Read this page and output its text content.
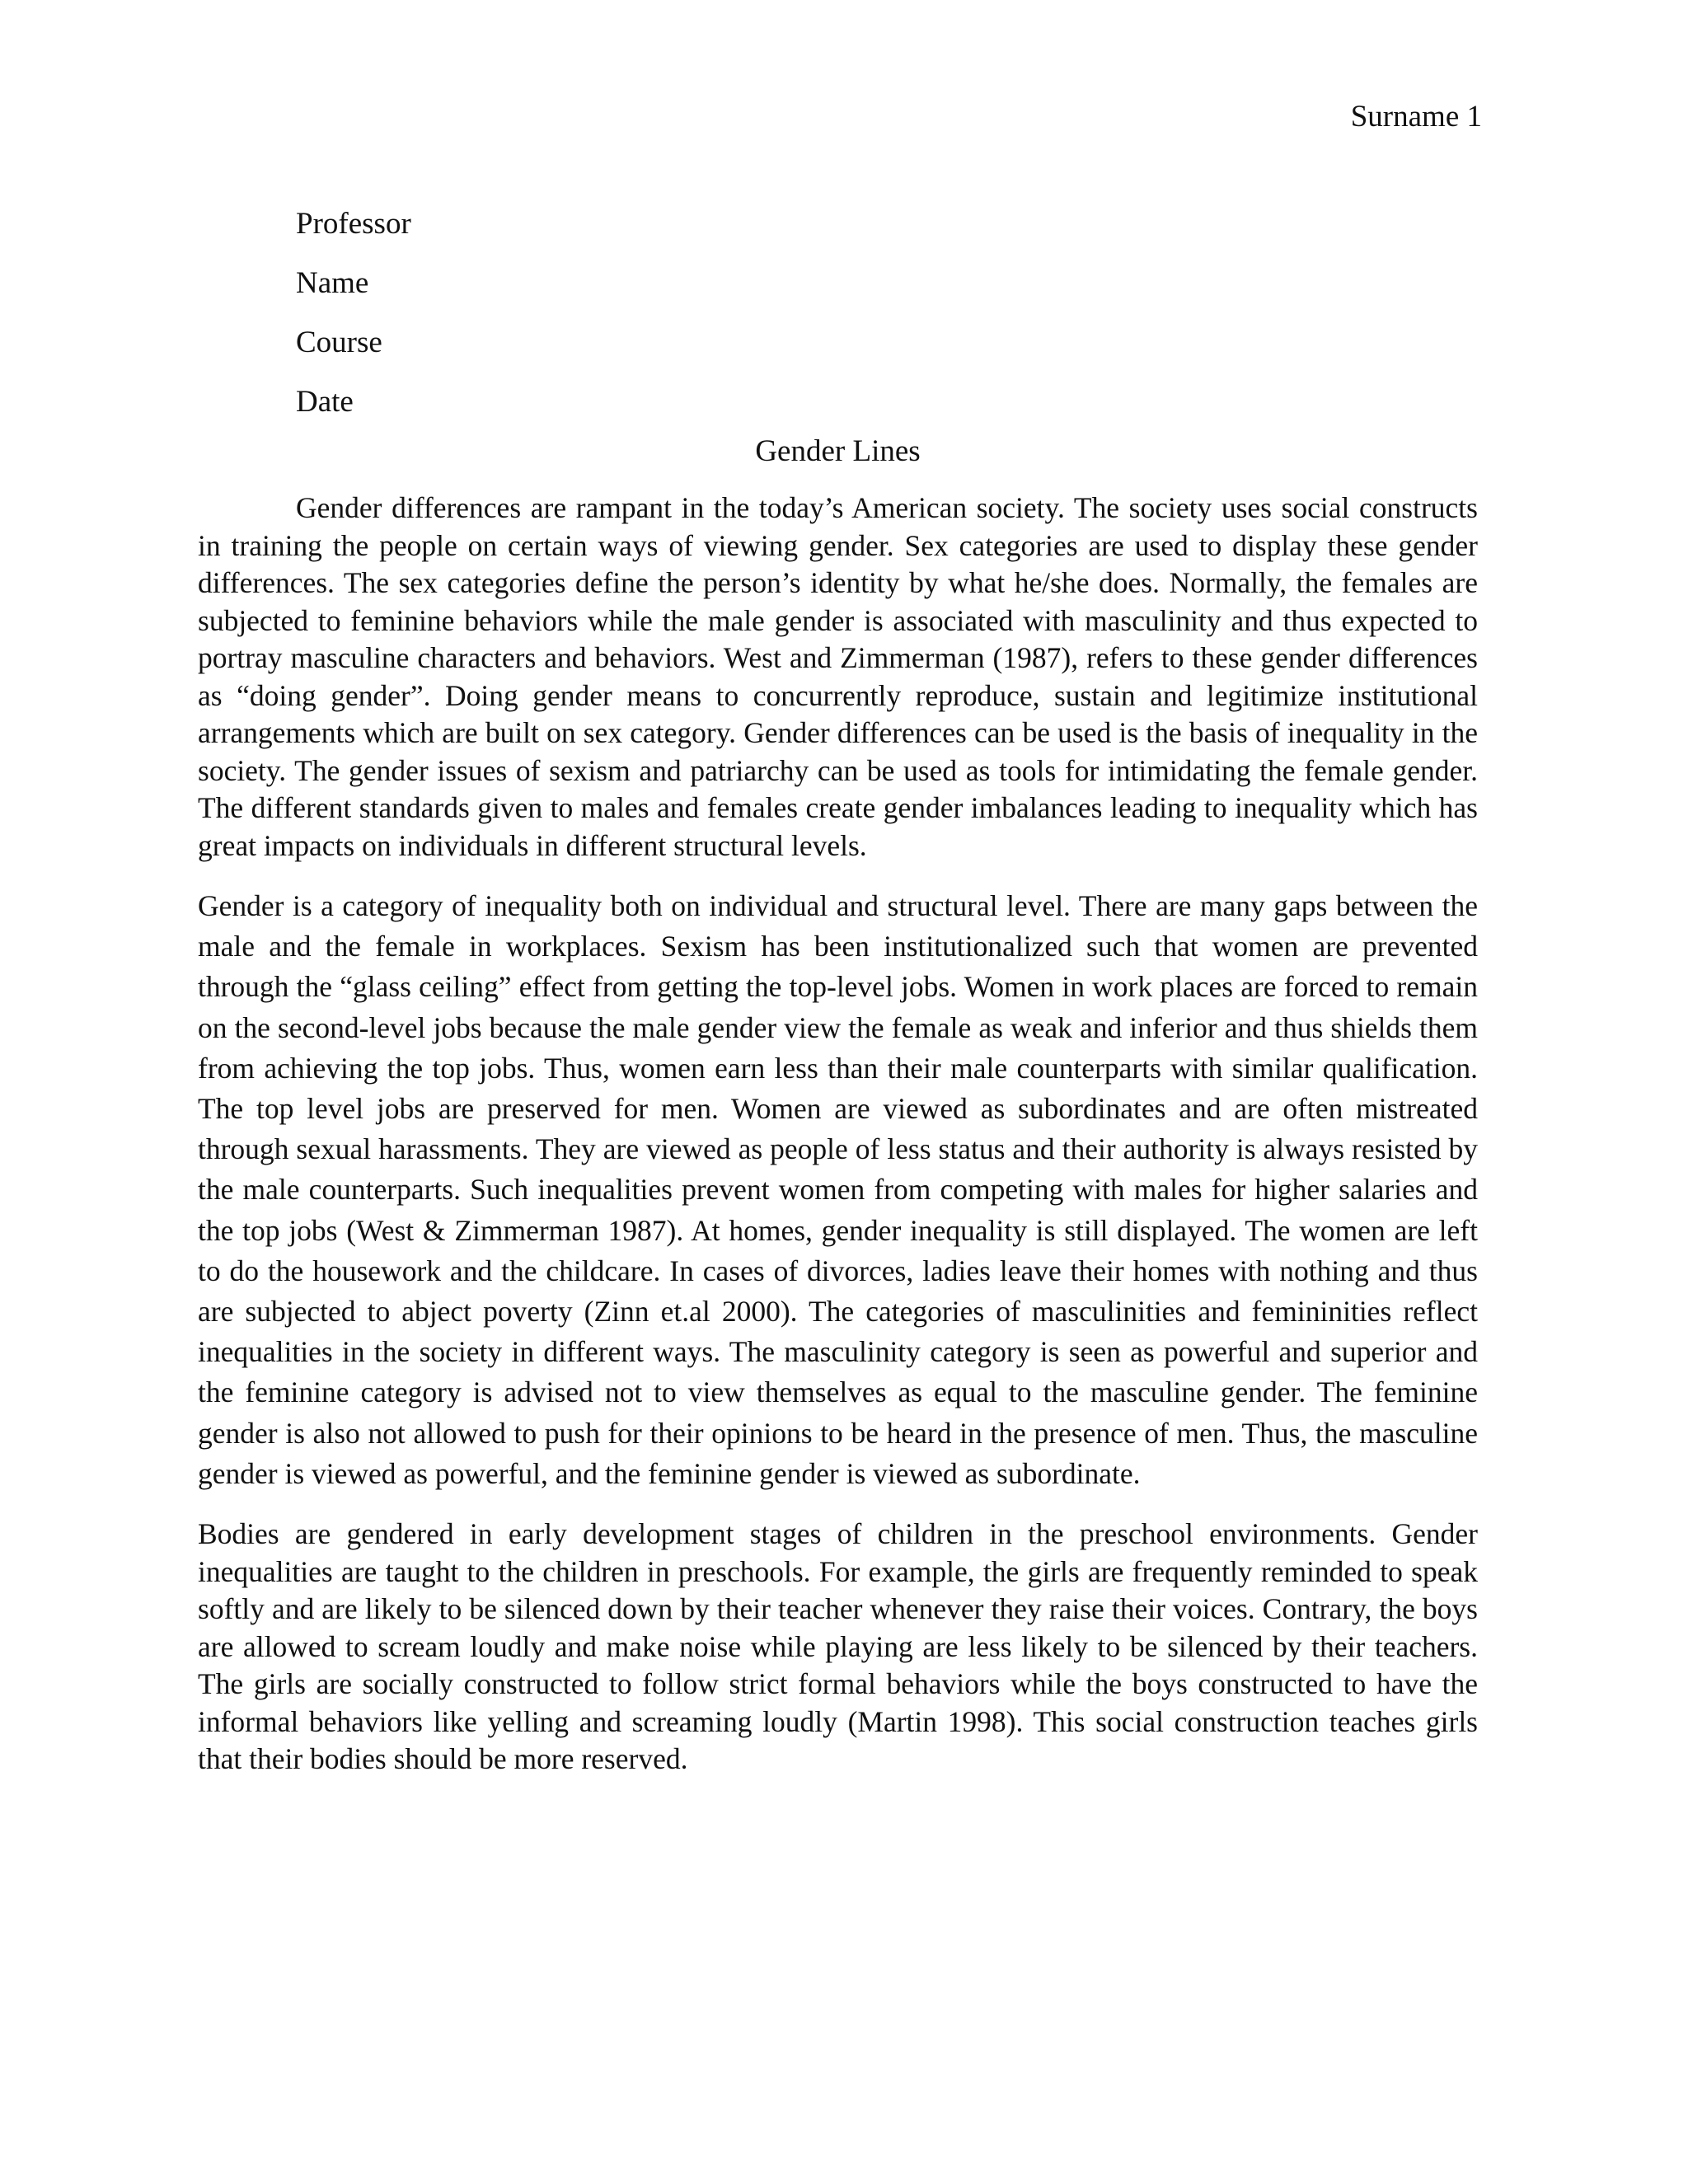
Surname 1
Professor
Name
Course
Date
Gender Lines

Gender differences are rampant in the today’s American society. The society uses social constructs in training the people on certain ways of viewing gender. Sex categories are used to display these gender differences. The sex categories define the person’s identity by what he/she does. Normally, the females are subjected to feminine behaviors while the male gender is associated with masculinity and thus expected to portray masculine characters and behaviors. West and Zimmerman (1987), refers to these gender differences as “doing gender”. Doing gender means to concurrently reproduce, sustain and legitimize institutional arrangements which are built on sex category. Gender differences can be used is the basis of inequality in the society. The gender issues of sexism and patriarchy can be used as tools for intimidating the female gender. The different standards given to males and females create gender imbalances leading to inequality which has great impacts on individuals in different structural levels.

Gender is a category of inequality both on individual and structural level. There are many gaps between the male and the female in workplaces. Sexism has been institutionalized such that women are prevented through the “glass ceiling” effect from getting the top-level jobs. Women in work places are forced to remain on the second-level jobs because the male gender view the female as weak and inferior and thus shields them from achieving the top jobs. Thus, women earn less than their male counterparts with similar qualification. The top level jobs are preserved for men. Women are viewed as subordinates and are often mistreated through sexual harassments. They are viewed as people of less status and their authority is always resisted by the male counterparts. Such inequalities prevent women from competing with males for higher salaries and the top jobs (West & Zimmerman 1987). At homes, gender inequality is still displayed. The women are left to do the housework and the childcare. In cases of divorces, ladies leave their homes with nothing and thus are subjected to abject poverty (Zinn et.al 2000). The categories of masculinities and femininities reflect inequalities in the society in different ways. The masculinity category is seen as powerful and superior and the feminine category is advised not to view themselves as equal to the masculine gender. The feminine gender is also not allowed to push for their opinions to be heard in the presence of men. Thus, the masculine gender is viewed as powerful, and the feminine gender is viewed as subordinate.

Bodies are gendered in early development stages of children in the preschool environments. Gender inequalities are taught to the children in preschools. For example, the girls are frequently reminded to speak softly and are likely to be silenced down by their teacher whenever they raise their voices. Contrary, the boys are allowed to scream loudly and make noise while playing are less likely to be silenced by their teachers. The girls are socially constructed to follow strict formal behaviors while the boys constructed to have the informal behaviors like yelling and screaming loudly (Martin 1998). This social construction teaches girls that their bodies should be more reserved.
